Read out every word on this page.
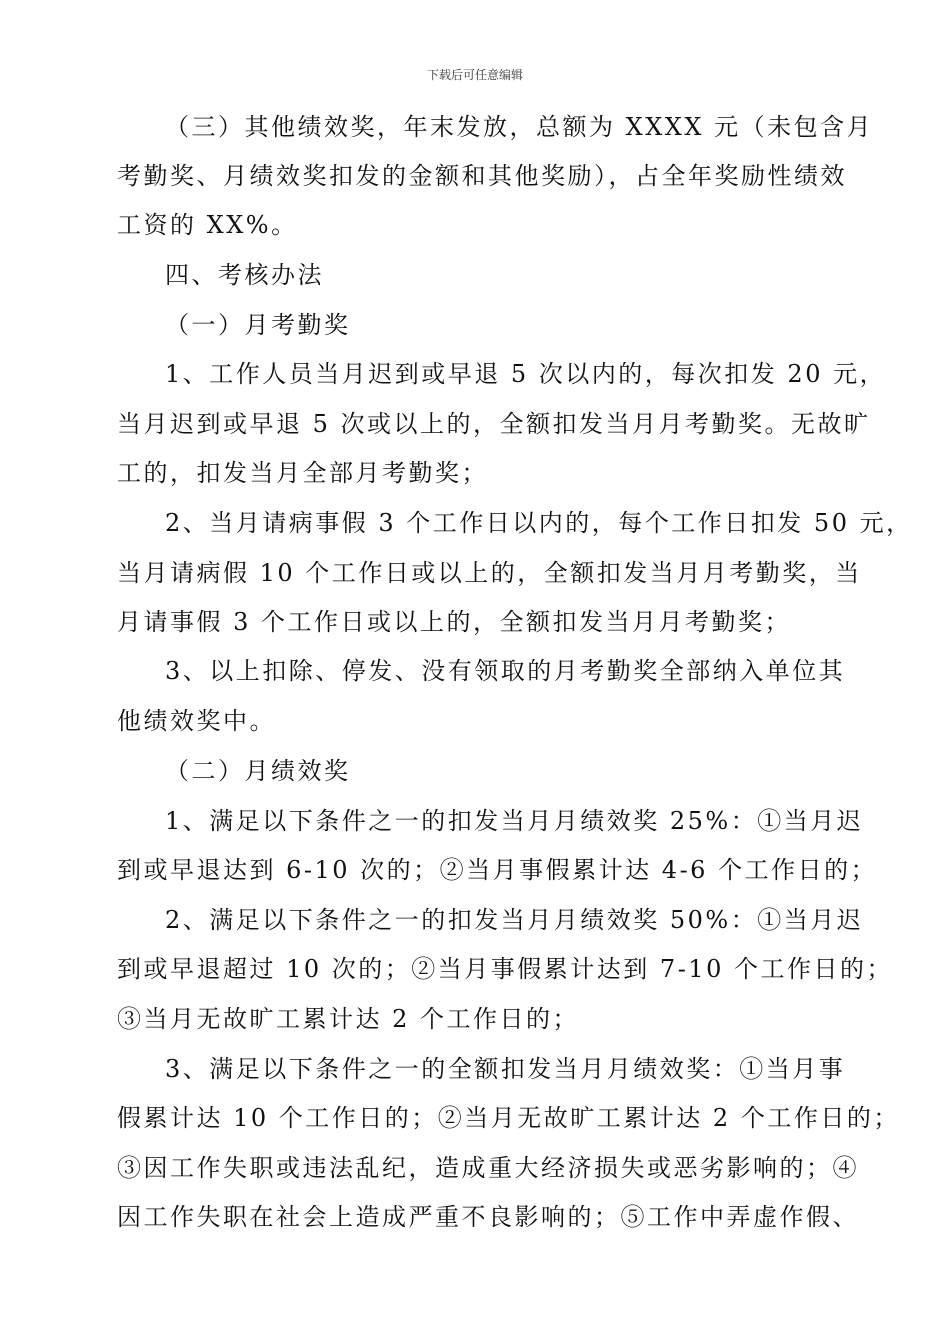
下载后可任意编辑
（三）其他绩效奖，年末发放，总额为 XXXX 元（未包含月
考勤奖、月绩效奖扣发的金额和其他奖励），占全年奖励性绩效
工资的 XX%。
四、考核办法
（一）月考勤奖
1、工作人员当月迟到或早退 5 次以内的，每次扣发 20 元，
当月迟到或早退 5 次或以上的，全额扣发当月月考勤奖。无故旷
工的，扣发当月全部月考勤奖；
2、当月请病事假 3 个工作日以内的，每个工作日扣发 50 元，
当月请病假 10 个工作日或以上的，全额扣发当月月考勤奖，当
月请事假 3 个工作日或以上的，全额扣发当月月考勤奖；
3、以上扣除、停发、没有领取的月考勤奖全部纳入单位其
他绩效奖中。
（二）月绩效奖
1、满足以下条件之一的扣发当月月绩效奖 25%：①当月迟
到或早退达到 6-10 次的；②当月事假累计达 4-6 个工作日的；
2、满足以下条件之一的扣发当月月绩效奖 50%：①当月迟
到或早退超过 10 次的；②当月事假累计达到 7-10 个工作日的；
③当月无故旷工累计达 2 个工作日的；
3、满足以下条件之一的全额扣发当月月绩效奖：①当月事
假累计达 10 个工作日的；②当月无故旷工累计达 2 个工作日的；
③因工作失职或违法乱纪，造成重大经济损失或恶劣影响的；④
因工作失职在社会上造成严重不良影响的；⑤工作中弄虚作假、
